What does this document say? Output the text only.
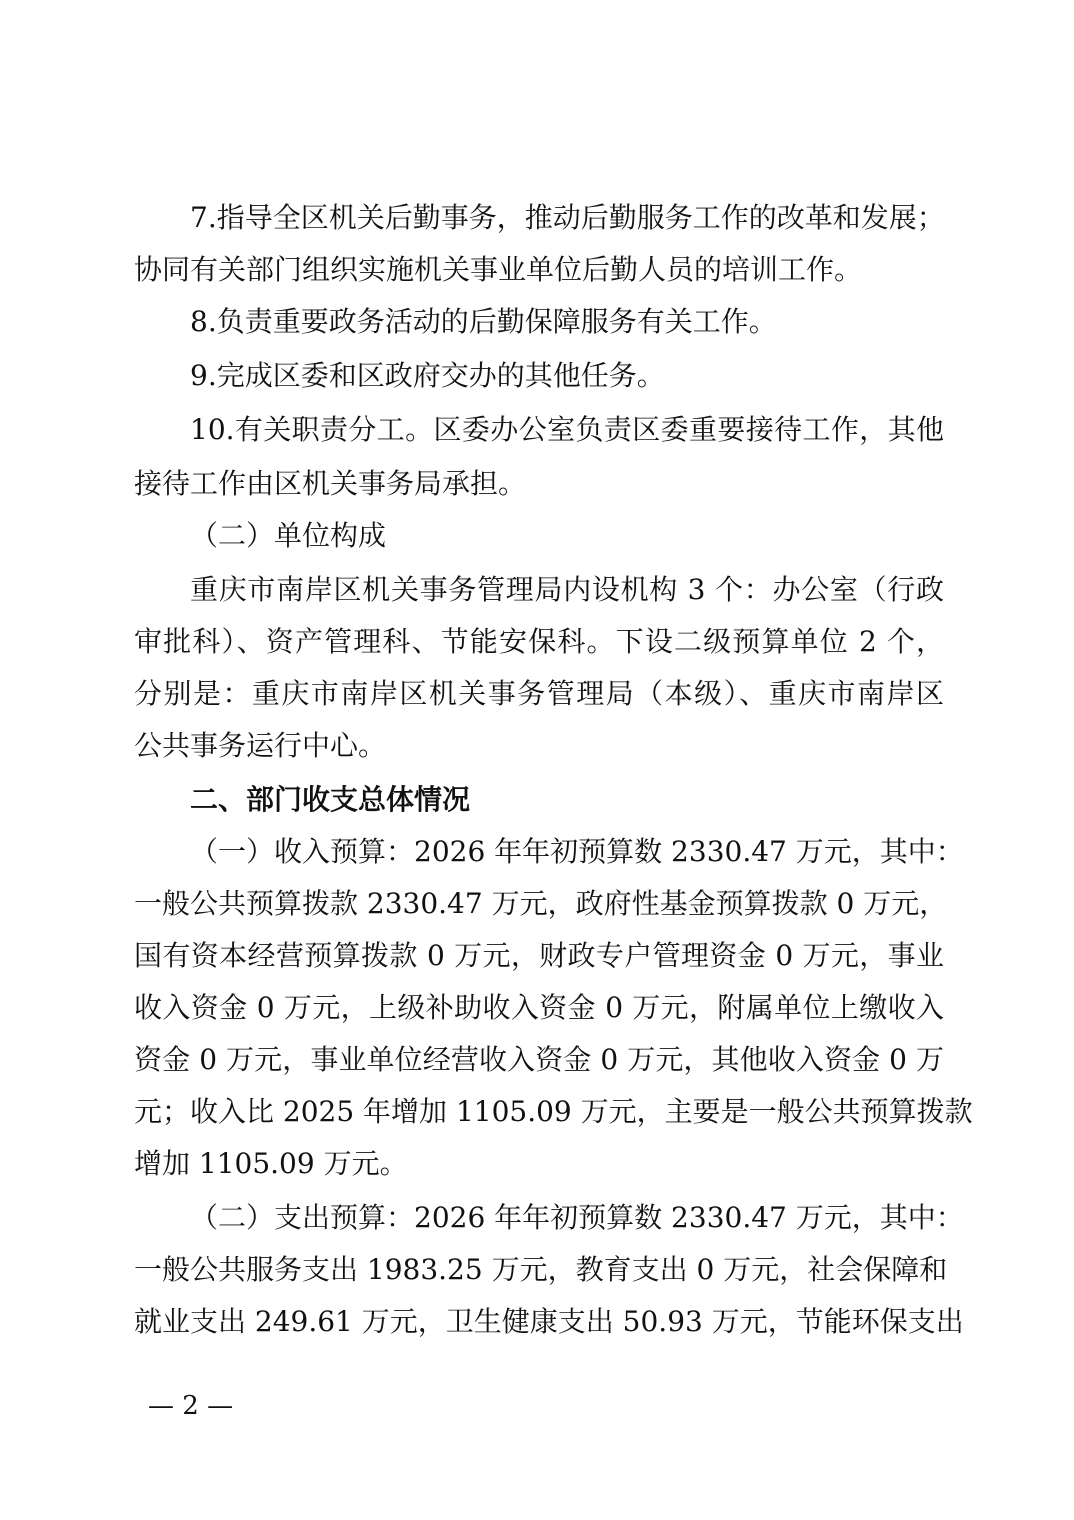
7.指导全区机关后勤事务，推动后勤服务工作的改革和发展；
协同有关部门组织实施机关事业单位后勤人员的培训工作。
8.负责重要政务活动的后勤保障服务有关工作。
9.完成区委和区政府交办的其他任务。
10.有关职责分工。区委办公室负责区委重要接待工作，其他
接待工作由区机关事务局承担。
（二）单位构成
重庆市南岸区机关事务管理局内设机构 3 个：办公室（行政
审批科）、资产管理科、节能安保科。下设二级预算单位 2 个，
分别是：重庆市南岸区机关事务管理局（本级）、重庆市南岸区
公共事务运行中心。
二、部门收支总体情况
（一）收入预算：2026 年年初预算数 2330.47 万元，其中：
一般公共预算拨款 2330.47 万元，政府性基金预算拨款 0 万元，
国有资本经营预算拨款 0 万元，财政专户管理资金 0 万元，事业
收入资金 0 万元，上级补助收入资金 0 万元，附属单位上缴收入
资金 0 万元，事业单位经营收入资金 0 万元，其他收入资金 0 万
元；收入比 2025 年增加 1105.09 万元，主要是一般公共预算拨款
增加 1105.09 万元。
（二）支出预算：2026 年年初预算数 2330.47 万元，其中：
一般公共服务支出 1983.25 万元，教育支出 0 万元，社会保障和
就业支出 249.61 万元，卫生健康支出 50.93 万元，节能环保支出
— 2 —
